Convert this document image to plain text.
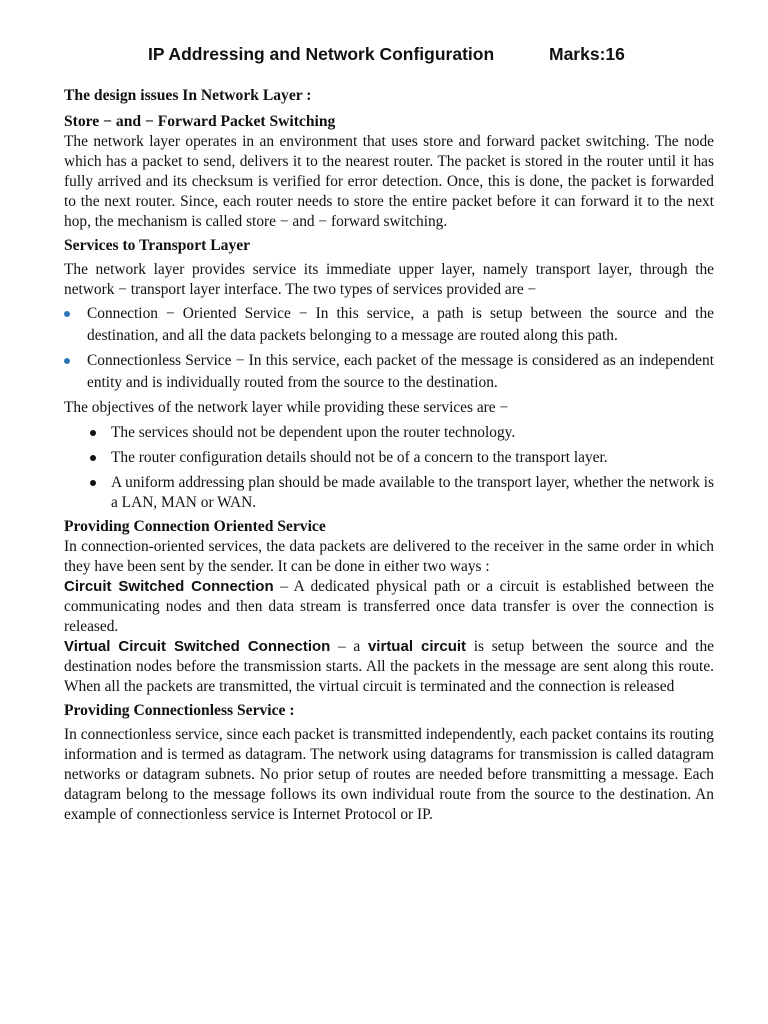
IP Addressing and Network Configuration	Marks:16
The design issues In Network Layer :
Store − and − Forward Packet Switching

The network layer operates in an environment that uses store and forward packet switching. The node which has a packet to send, delivers it to the nearest router. The packet is stored in the router until it has fully arrived and its checksum is verified for error detection. Once, this is done, the packet is forwarded to the next router. Since, each router needs to store the entire packet before it can forward it to the next hop, the mechanism is called store − and − forward switching.

Services to Transport Layer

The network layer provides service its immediate upper layer, namely transport layer, through the network − transport layer interface. The two types of services provided are −

Connection − Oriented Service − In this service, a path is setup between the source and the destination, and all the data packets belonging to a message are routed along this path.
Connectionless Service − In this service, each packet of the message is considered as an independent entity and is individually routed from the source to the destination.

The objectives of the network layer while providing these services are −

The services should not be dependent upon the router technology.
The router configuration details should not be of a concern to the transport layer.
A uniform addressing plan should be made available to the transport layer, whether the network is a LAN, MAN or WAN.
Providing Connection Oriented Service

In connection-oriented services, the data packets are delivered to the receiver in the same order in which they have been sent by the sender. It can be done in either two ways :

Circuit Switched Connection – A dedicated physical path or a circuit is established between the communicating nodes and then data stream is transferred once data transfer is over the connection is released.

Virtual Circuit Switched Connection – a virtual circuit is setup between the source and the destination nodes before the transmission starts. All the packets in the message are sent along this route. When all the packets are transmitted, the virtual circuit is terminated and the connection is released

Providing Connectionless Service :

In connectionless service, since each packet is transmitted independently, each packet contains its routing information and is termed as datagram. The network using datagrams for transmission is called datagram networks or datagram subnets. No prior setup of routes are needed before transmitting a message. Each datagram belong to the message follows its own individual route from the source to the destination. An example of connectionless service is Internet Protocol or IP.
